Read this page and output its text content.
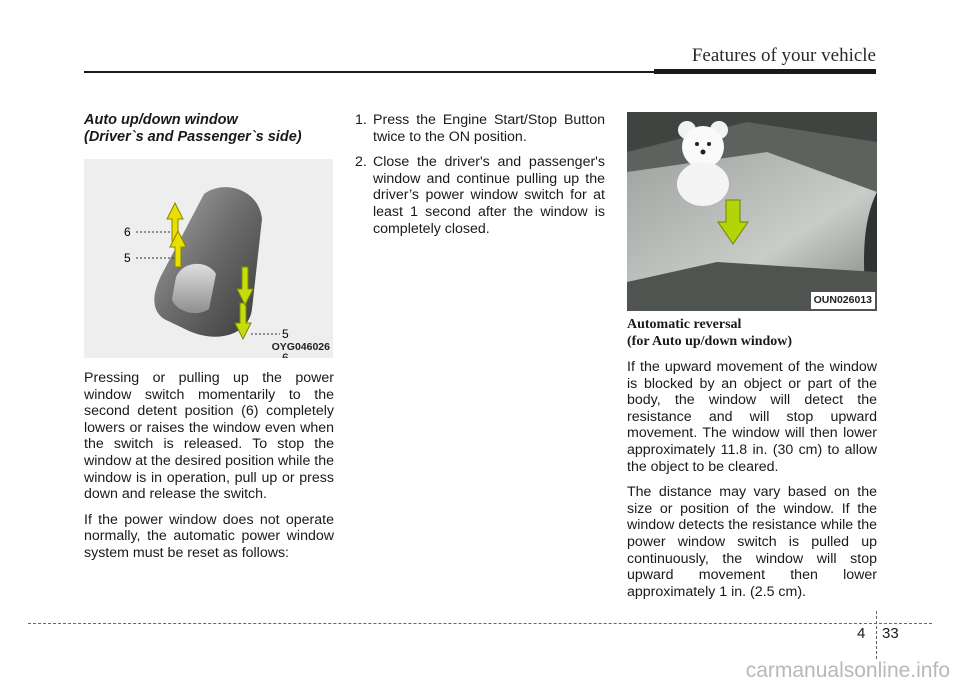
Features of your vehicle

Auto up/down window
(Driver`s and Passenger`s side)

6
5
5
6
OYG046026

Pressing or pulling up the power window switch momentarily to the second detent position (6) completely lowers or raises the window even when the switch is released. To stop the window at the desired position while the window is in operation, pull up or press down and release the switch.

If the power window does not operate normally, the automatic power window system must be reset as follows:

1. Press the Engine Start/Stop Button twice to the ON position.
2. Close the driver's and passenger's window and continue pulling up the driver’s power window switch for at least 1 second after the window is completely closed.
OUN026013

Automatic reversal
(for Auto up/down window)

If the upward movement of the window is blocked by an object or part of the body, the window will detect the resistance and will stop upward movement. The window will then lower approximately 11.8 in. (30 cm) to allow the object to be cleared.

The distance may vary based on the size or position of the window. If the window detects the resistance while the power window switch is pulled up continuously, the window will stop upward movement then lower approximately 1 in. (2.5 cm).

4 33
carmanualsonline.info
